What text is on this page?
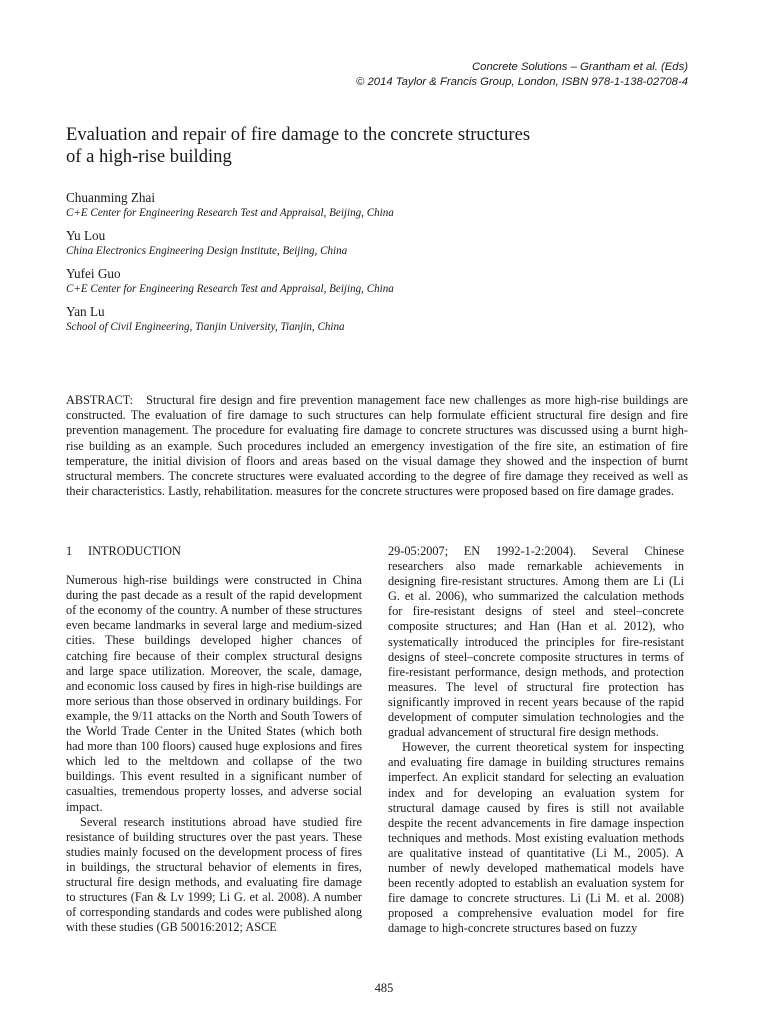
Concrete Solutions – Grantham et al. (Eds)
© 2014 Taylor & Francis Group, London, ISBN 978-1-138-02708-4
Evaluation and repair of fire damage to the concrete structures
of a high-rise building
Chuanming Zhai
C+E Center for Engineering Research Test and Appraisal, Beijing, China
Yu Lou
China Electronics Engineering Design Institute, Beijing, China
Yufei Guo
C+E Center for Engineering Research Test and Appraisal, Beijing, China
Yan Lu
School of Civil Engineering, Tianjin University, Tianjin, China
ABSTRACT: Structural fire design and fire prevention management face new challenges as more high-rise buildings are constructed. The evaluation of fire damage to such structures can help formulate efficient structural fire design and fire prevention management. The procedure for evaluating fire damage to concrete structures was discussed using a burnt high-rise building as an example. Such procedures included an emergency investigation of the fire site, an estimation of fire temperature, the initial division of floors and areas based on the visual damage they showed and the inspection of burnt structural members. The concrete structures were evaluated according to the degree of fire damage they received as well as their characteristics. Lastly, rehabilitation. measures for the concrete structures were proposed based on fire damage grades.
1 INTRODUCTION

Numerous high-rise buildings were constructed in China during the past decade as a result of the rapid development of the economy of the country. A number of these structures even became landmarks in several large and medium-sized cities. These buildings developed higher chances of catching fire because of their complex structural designs and large space utilization. Moreover, the scale, damage, and economic loss caused by fires in high-rise buildings are more serious than those observed in ordinary buildings. For example, the 9/11 attacks on the North and South Towers of the World Trade Center in the United States (which both had more than 100 floors) caused huge explosions and fires which led to the meltdown and collapse of the two buildings. This event resulted in a significant number of casualties, tremendous property losses, and adverse social impact.

Several research institutions abroad have studied fire resistance of building structures over the past years. These studies mainly focused on the development process of fires in buildings, the structural behavior of elements in fires, structural fire design methods, and evaluating fire damage to structures (Fan & Lv 1999; Li G. et al. 2008). A number of corresponding standards and codes were published along with these studies (GB 50016:2012; ASCE

29-05:2007; EN 1992-1-2:2004). Several Chinese researchers also made remarkable achievements in designing fire-resistant structures. Among them are Li (Li G. et al. 2006), who summarized the calculation methods for fire-resistant designs of steel and steel–concrete composite structures; and Han (Han et al. 2012), who systematically introduced the principles for fire-resistant designs of steel–concrete composite structures in terms of fire-resistant performance, design methods, and protection measures. The level of structural fire protection has significantly improved in recent years because of the rapid development of computer simulation technologies and the gradual advancement of structural fire design methods.

However, the current theoretical system for inspecting and evaluating fire damage in building structures remains imperfect. An explicit standard for selecting an evaluation index and for developing an evaluation system for structural damage caused by fires is still not available despite the recent advancements in fire damage inspection techniques and methods. Most existing evaluation methods are qualitative instead of quantitative (Li M., 2005). A number of newly developed mathematical models have been recently adopted to establish an evaluation system for fire damage to concrete structures. Li (Li M. et al. 2008) proposed a comprehensive evaluation model for fire damage to high-concrete structures based on fuzzy

485
